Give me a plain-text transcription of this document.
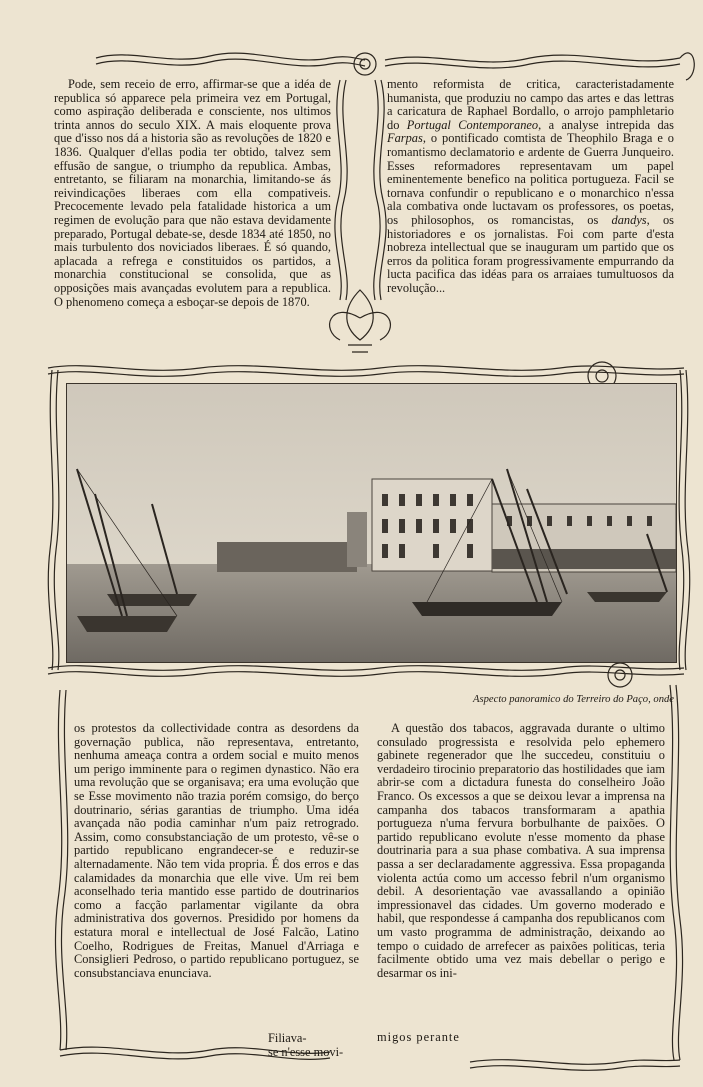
Pode, sem receio de erro, affirmar-se que a idéa de republica só apparece pela primeira vez em Portugal, como aspiração deliberada e consciente, nos ultimos trinta annos do seculo XIX. A mais eloquente prova que d'isso nos dá a historia são as revoluções de 1820 e 1836. Qualquer d'ellas podia ter obtido, talvez sem effusão de sangue, o triumpho da republica. Ambas, entretanto, se filiaram na monarchia, limitando-se ás reivindicações liberaes com ella compativeis. Precocemente levado pela fatalidade historica a um regimen de evolução para que não estava devidamente preparado, Portugal debate-se, desde 1834 até 1850, no mais turbulento dos noviciados liberaes. É só quando, aplacada a refrega e constituidos os partidos, a monarchia constitucional se consolida, que as opposições mais avançadas evolutem para a republica. O phenomeno começa a esboçar-se depois de 1870.

mento reformista de critica, caracteristadamente humanista, que produziu no campo das artes e das lettras a caricatura de Raphael Bordallo, o arrojo pamphletario do Portugal Contemporaneo, a analyse intrepida das Farpas, o pontificado comtista de Theophilo Braga e o romantismo declamatorio e ardente de Guerra Junqueiro. Esses reformadores representavam um papel eminentemente benefico na politica portugueza. Facil se tornava confundir o republicano e o monarchico n'essa ala combativa onde luctavam os professores, os poetas, os philosophos, os romancistas, os dandys, os historiadores e os jornalistas. Foi com parte d'esta nobreza intellectual que se inauguram um partido que os erros da politica foram progressivamente empurrando da lucta pacifica das idéas para os arraiaes tumultuosos da revolução...

Aspecto panoramico do Terreiro do Paço, onde

os protestos da collectividade contra as desordens da governação publica, não representava, entretanto, nenhuma ameaça contra a ordem social e muito menos um perigo imminente para o regimen dynastico. Não era uma revolução que se organisava; era uma evolução que se Esse movimento não trazia porém comsigo, do berço doutrinario, sérias garantias de triumpho. Uma idéa avançada não podia caminhar n'um paiz retrogrado. Assim, como consubstanciação de um protesto, vê-se o partido republicano engrandecer-se e reduzir-se alternadamente. Não tem vida propria. É dos erros e das calamidades da monarchia que elle vive. Um rei bem aconselhado teria mantido esse partido de doutrinarios como a facção parlamentar vigilante da obra administrativa dos governos. Presidido por homens da estatura moral e intellectual de José Falcão, Latino Coelho, Rodrigues de Freitas, Manuel d'Arriaga e Consiglieri Pedroso, o partido republicano portuguez, se consubstanciava enunciava.

Filiava-
se n'esse movi-

A questão dos tabacos, aggravada durante o ultimo consulado progressista e resolvida pelo ephemero gabinete regenerador que lhe succedeu, constituiu o verdadeiro tirocinio preparatorio das hostilidades que iam abrir-se com a dictadura funesta do conselheiro João Franco. Os excessos a que se deixou levar a imprensa na campanha dos tabacos transformaram a apathia portugueza n'uma fervura borbulhante de paixões. O partido republicano evolute n'esse momento da phase doutrinaria para a sua phase combativa. A sua imprensa passa a ser declaradamente aggressiva. Essa propaganda violenta actúa como um accesso febril n'um organismo debil. A desorientação vae avassallando a opinião impressionavel das cidades. Um governo moderado e habil, que respondesse á campanha dos republicanos com um vasto programma de administração, deixando ao tempo o cuidado de arrefecer as paixões politicas, teria facilmente obtido uma vez mais debellar o perigo e desarmar os ini-

migos perante
